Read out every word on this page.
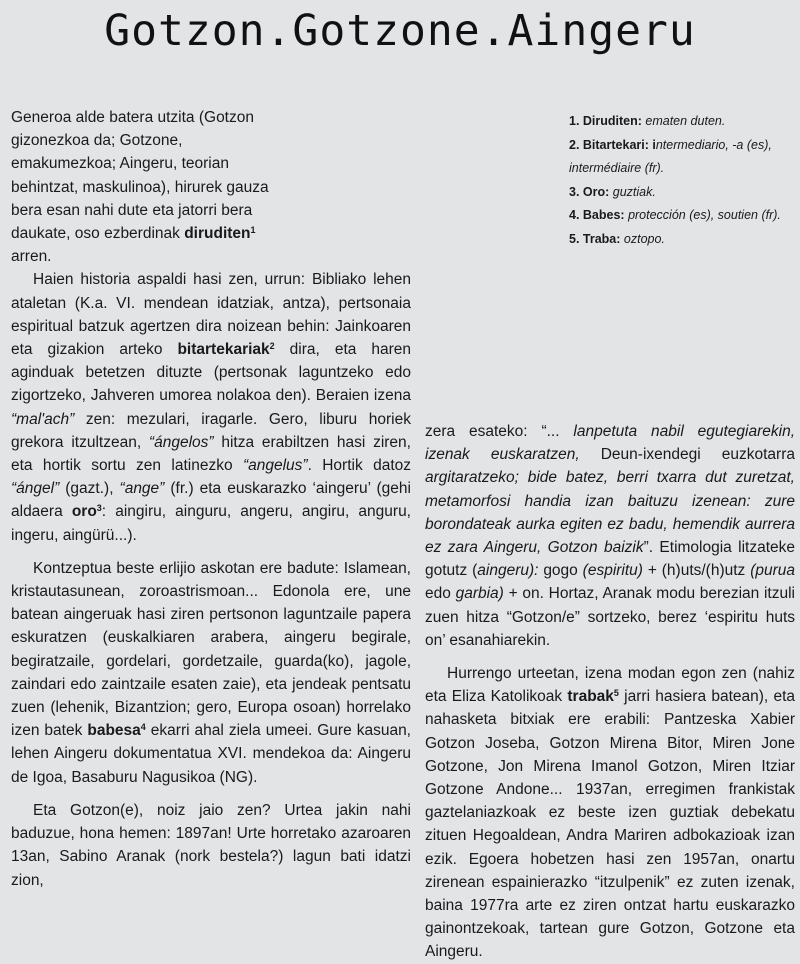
Gotzon.Gotzone.Aingeru

1. Diruditen: ematen duten.

2. Bitartekari: intermediario, -a (es), intermédiaire (fr).

3. Oro: guztiak.

4. Babes: protección (es), soutien (fr).

5. Traba: oztopo.

Generoa alde batera utzita (Gotzon gizonezkoa da; Gotzone, emakumezkoa; Aingeru, teorian behintzat, maskulinoa), hirurek gauza bera esan nahi dute eta jatorri bera daukate, oso ezberdinak diruditen$^1$ arren.

Haien historia aspaldi hasi zen, urrun: Bibliako lehen ataletan (K.a. VI. mendean idatziak, antza), pertsonaia espiritual batzuk agertzen dira noizean behin: Jainkoaren eta gizakion arteko bitartekariak$^2$ dira, eta haren aginduak betetzen dituzte (pertsonak laguntzeko edo zigortzeko, Jahveren umorea nolakoa den). Beraien izena “mal'ach” zen: mezulari, iragarle. Gero, liburu horiek grekora itzultzean, “ángelos” hitza erabiltzen hasi ziren, eta hortik sortu zen latinezko “angelus”. Hortik datoz “ángel” (gazt.), “ange” (fr.) eta euskarazko ‘aingeru’ (gehi aldaera oro$^3$: aingiru, ainguru, angeru, angiru, anguru, ingeru, aingürü...).

Kontzeptua beste erlijio askotan ere badute: Islamean, kristautasunean, zoroastrismoan... Edonola ere, une batean aingeruak hasi ziren pertsonon laguntzaile papera eskuratzen (euskalkiaren arabera, aingeru begirale, begiratzaile, gordelari, gordetzaile, guarda(ko), jagole, zaindari edo zaintzaile esaten zaie), eta jendeak pentsatu zuen (lehenik, Bizantzion; gero, Europa osoan) horrelako izen batek babesa$^4$ ekarri ahal ziela umeei. Gure kasuan, lehen Aingeru dokumentatua XVI. mendekoa da: Aingeru de Igoa, Basaburu Nagusikoa (NG).

Eta Gotzon(e), noiz jaio zen? Urtea jakin nahi baduzue, hona hemen: 1897an! Urte horretako azaroaren 13an, Sabino Aranak (nork bestela?) lagun bati idatzi zion,

zera esateko: “... lanpetuta nabil egutegiarekin, izenak euskaratzen, Deun-ixendegi euzkotarra argitaratzeko; bide batez, berri txarra dut zuretzat, metamorfosi handia izan baituzu izenean: zure borondateak aurka egiten ez badu, hemendik aurrera ez zara Aingeru, Gotzon baizik”. Etimologia litzateke gotutz (aingeru): gogo (espiritu) + (h)uts/(h)utz (purua edo garbia) + on. Hortaz, Aranak modu berezian itzuli zuen hitza “Gotzon/e” sortzeko, berez ‘espiritu huts on’ esanahiarekin.

Hurrengo urteetan, izena modan egon zen (nahiz eta Eliza Katolikoak trabak$^5$ jarri hasiera batean), eta nahasketa bitxiak ere erabili: Pantzeska Xabier Gotzon Joseba, Gotzon Mirena Bitor, Miren Jone Gotzone, Jon Mirena Imanol Gotzon, Miren Itziar Gotzone Andone... 1937an, erregimen frankistak gaztelaniazkoak ez beste izen guztiak debekatu zituen Hegoaldean, Andra Mariren adbokazioak izan ezik. Egoera hobetzen hasi zen 1957an, onartu zirenean espainierazko “itzulpenik” ez zuten izenak, baina 1977ra arte ez ziren ontzat hartu euskarazko gainontzekoak, tartean gure Gotzon, Gotzone eta Aingeru.
